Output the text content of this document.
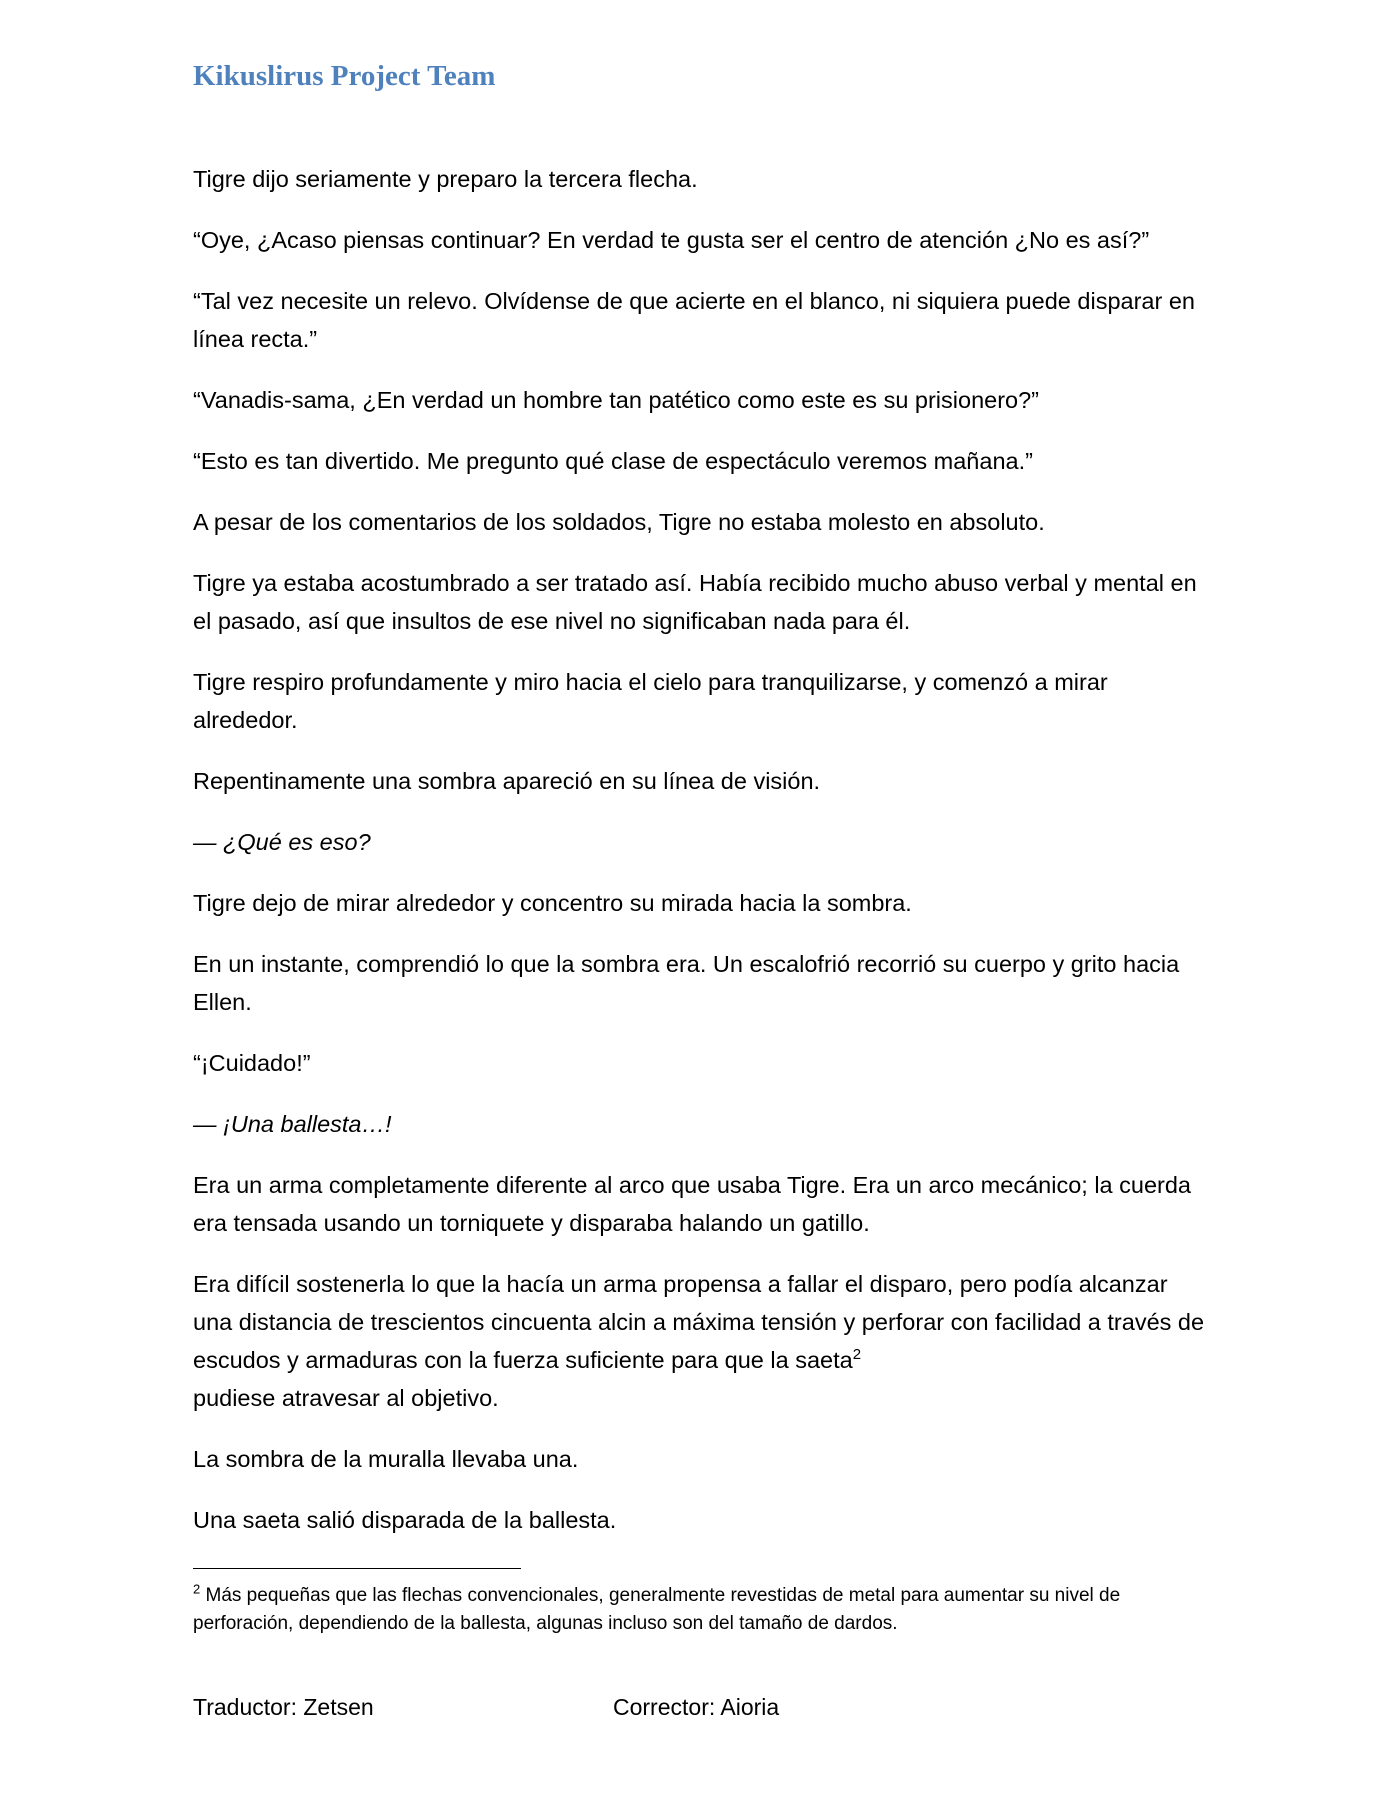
Kikuslirus Project Team

Tigre dijo seriamente y preparo la tercera flecha.

“Oye, ¿Acaso piensas continuar? En verdad te gusta ser el centro de atención ¿No es así?”

“Tal vez necesite un relevo. Olvídense de que acierte en el blanco, ni siquiera puede disparar en línea recta.”

“Vanadis-sama, ¿En verdad un hombre tan patético como este es su prisionero?”

“Esto es tan divertido. Me pregunto qué clase de espectáculo veremos mañana.”

A pesar de los comentarios de los soldados, Tigre no estaba molesto en absoluto.

Tigre ya estaba acostumbrado a ser tratado así. Había recibido mucho abuso verbal y mental en el pasado, así que insultos de ese nivel no significaban nada para él.

Tigre respiro profundamente y miro hacia el cielo para tranquilizarse, y comenzó a mirar alrededor.

Repentinamente una sombra apareció en su línea de visión.

— ¿Qué es eso?

Tigre dejo de mirar alrededor y concentro su mirada hacia la sombra.

En un instante, comprendió lo que la sombra era. Un escalofrió recorrió su cuerpo y grito hacia Ellen.

“¡Cuidado!”

— ¡Una ballesta…!

Era un arma completamente diferente al arco que usaba Tigre. Era un arco mecánico; la cuerda era tensada usando un torniquete y disparaba halando un gatillo.

Era difícil sostenerla lo que la hacía un arma propensa a fallar el disparo, pero podía alcanzar una distancia de trescientos cincuenta alcin a máxima tensión y perforar con facilidad a través de escudos y armaduras con la fuerza suficiente para que la saeta$^2$
pudiese atravesar al objetivo.

La sombra de la muralla llevaba una.

Una saeta salió disparada de la ballesta.

$^2$ Más pequeñas que las flechas convencionales, generalmente revestidas de metal para aumentar su nivel de perforación, dependiendo de la ballesta, algunas incluso son del tamaño de dardos.
Traductor: Zetsen	Corrector: Aioria
